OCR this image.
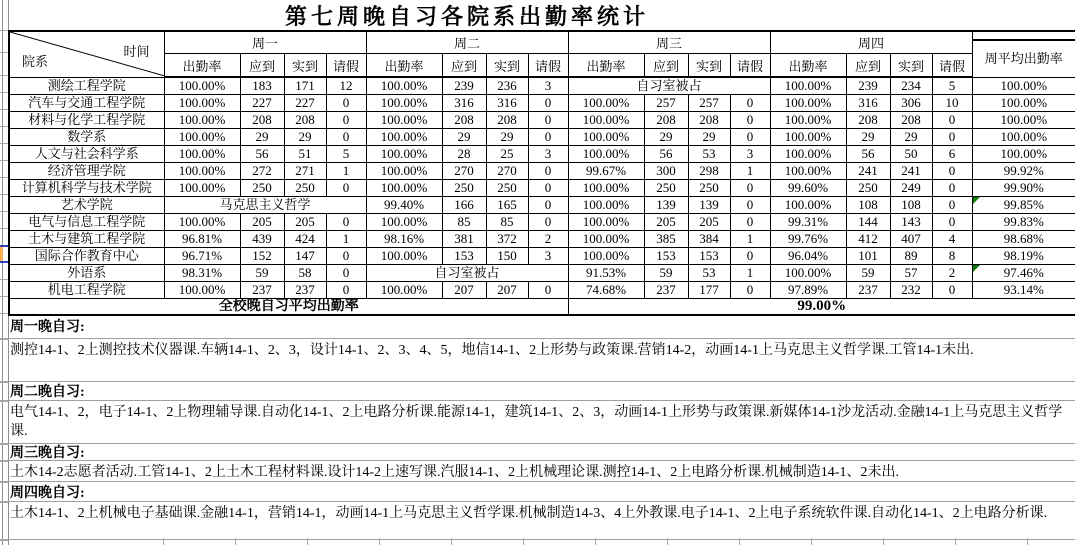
第七周晚自习各院系出勤率统计
院系
时间	周一				周二				周三				周四				周平均出勤率
	出勤率	应到	实到	请假	出勤率	应到	实到	请假	出勤率	应到	实到	请假	出勤率	应到	实到	请假	
测绘工程学院	100.00%	183	171	12	100.00%	239	236	3	自习室被占				100.00%	239	234	5	100.00%
汽车与交通工程学院	100.00%	227	227	0	100.00%	316	316	0	100.00%	257	257	0	100.00%	316	306	10	100.00%
材料与化学工程学院	100.00%	208	208	0	100.00%	208	208	0	100.00%	208	208	0	100.00%	208	208	0	100.00%
数学系	100.00%	29	29	0	100.00%	29	29	0	100.00%	29	29	0	100.00%	29	29	0	100.00%
人文与社会科学系	100.00%	56	51	5	100.00%	28	25	3	100.00%	56	53	3	100.00%	56	50	6	100.00%
经济管理学院	100.00%	272	271	1	100.00%	270	270	0	99.67%	300	298	1	100.00%	241	241	0	99.92%
计算机科学与技术学院	100.00%	250	250	0	100.00%	250	250	0	100.00%	250	250	0	99.60%	250	249	0	99.90%
艺术学院	马克思主义哲学				99.40%	166	165	0	100.00%	139	139	0	100.00%	108	108	0	99.85%
电气与信息工程学院	100.00%	205	205	0	100.00%	85	85	0	100.00%	205	205	0	99.31%	144	143	0	99.83%
土木与建筑工程学院	96.81%	439	424	1	98.16%	381	372	2	100.00%	385	384	1	99.76%	412	407	4	98.68%
国际合作教育中心	96.71%	152	147	0	100.00%	153	150	3	100.00%	153	153	0	96.04%	101	89	8	98.19%
外语系	98.31%	59	58	0	自习室被占				91.53%	59	53	1	100.00%	59	57	2	97.46%
机电工程学院	100.00%	237	237	0	100.00%	207	207	0	74.68%	237	177	0	97.89%	237	232	0	93.14%
全校晚自习平均出勤率									99.00%								
周一晚自习:
测控14-1、2上测控技术仪器课.车辆14-1、2、3，设计14-1、2、3、4、5，地信14-1、2上形势与政策课.营销14-2，动画14-1上马克思主义哲学课.工管14-1未出.
周二晚自习:
电气14-1、2，电子14-1、2上物理辅导课.自动化14-1、2上电路分析课.能源14-1，建筑14-1、2、3，动画14-1上形势与政策课.新媒体14-1沙龙活动.金融14-1上马克思主义哲学课.
周三晚自习:
土木14-2志愿者活动.工管14-1、2上土木工程材料课.设计14-2上速写课.汽服14-1、2上机械理论课.测控14-1、2上电路分析课.机械制造14-1、2未出.
周四晚自习:
土木14-1、2上机械电子基础课.金融14-1，营销14-1，动画14-1上马克思主义哲学课.机械制造14-3、4上外教课.电子14-1、2上电子系统软件课.自动化14-1、2上电路分析课.
